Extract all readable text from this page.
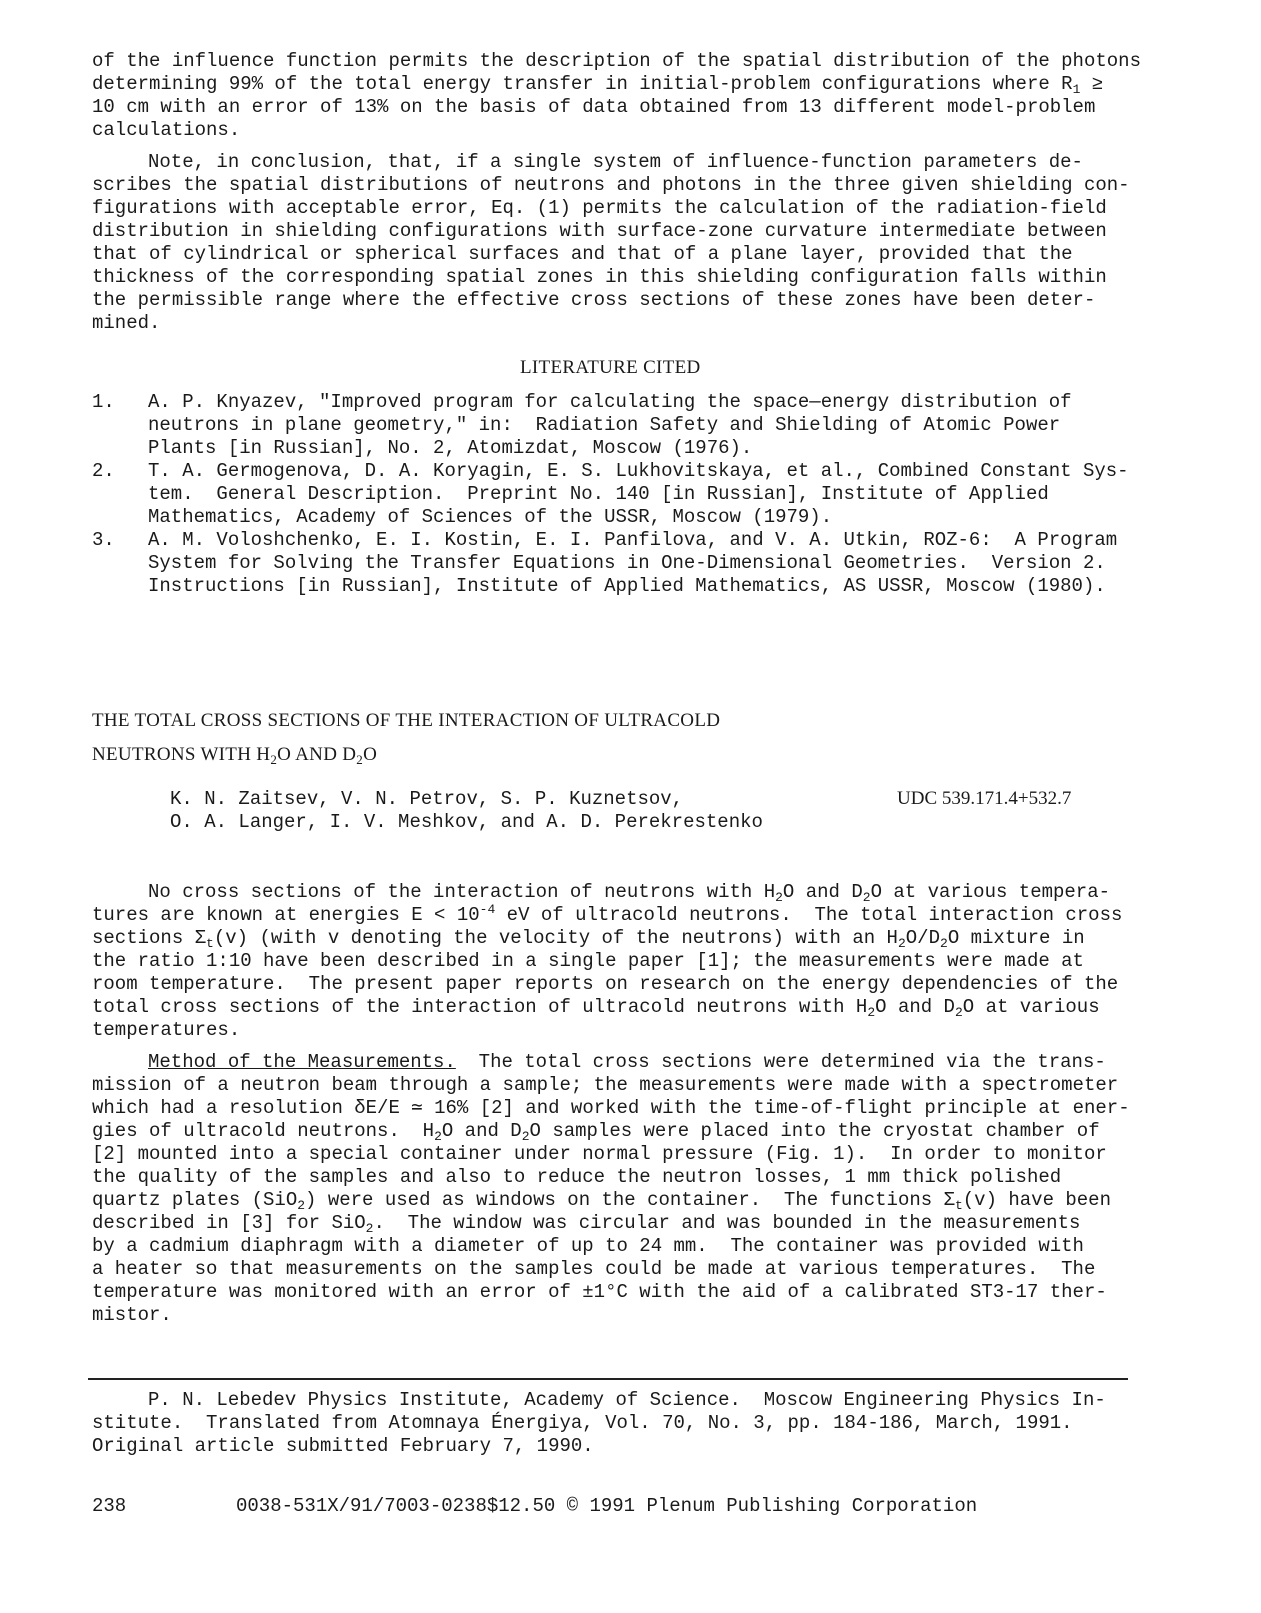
of the influence function permits the description of the spatial distribution of the photons
determining 99% of the total energy transfer in initial-problem configurations where $R_1$ ≥
10 cm with an error of 13% on the basis of data obtained from 13 different model-problem
calculations.
Note, in conclusion, that, if a single system of influence-function parameters de-
scribes the spatial distributions of neutrons and photons in the three given shielding con-
figurations with acceptable error, Eq. (1) permits the calculation of the radiation-field
distribution in shielding configurations with surface-zone curvature intermediate between
that of cylindrical or spherical surfaces and that of a plane layer, provided that the
thickness of the corresponding spatial zones in this shielding configuration falls within
the permissible range where the effective cross sections of these zones have been deter-
mined.
LITERATURE CITED
1. A. P. Knyazev, "Improved program for calculating the space—energy distribution of
neutrons in plane geometry," in:  Radiation Safety and Shielding of Atomic Power
Plants [in Russian], No. 2, Atomizdat, Moscow (1976).
2. T. A. Germogenova, D. A. Koryagin, E. S. Lukhovitskaya, et al., Combined Constant Sys-
tem.  General Description.  Preprint No. 140 [in Russian], Institute of Applied
Mathematics, Academy of Sciences of the USSR, Moscow (1979).
3. A. M. Voloshchenko, E. I. Kostin, E. I. Panfilova, and V. A. Utkin, ROZ-6:  A Program
System for Solving the Transfer Equations in One-Dimensional Geometries.  Version 2.
Instructions [in Russian], Institute of Applied Mathematics, AS USSR, Moscow (1980).
THE TOTAL CROSS SECTIONS OF THE INTERACTION OF ULTRACOLD
NEUTRONS WITH $H_2O$ AND $D_2O$
K. N. Zaitsev, V. N. Petrov, S. P. Kuznetsov,
O. A. Langer, I. V. Meshkov, and A. D. Perekrestenko
UDC 539.171.4+532.7
No cross sections of the interaction of neutrons with $H_2O$ and $D_2O$ at various tempera-
tures are known at energies $E < 10^{-4}$ eV of ultracold neutrons.  The total interaction cross
sections $\Sigma_t(v)$ (with v denoting the velocity of the neutrons) with an $H_2O/D_2O$ mixture in
the ratio 1:10 have been described in a single paper [1]; the measurements were made at
room temperature.  The present paper reports on research on the energy dependencies of the
total cross sections of the interaction of ultracold neutrons with $H_2O$ and $D_2O$ at various
temperatures.
Method of the Measurements.  The total cross sections were determined via the trans-
mission of a neutron beam through a sample; the measurements were made with a spectrometer
which had a resolution δE/E ≃ 16% [2] and worked with the time-of-flight principle at ener-
gies of ultracold neutrons.  $H_2O$ and $D_2O$ samples were placed into the cryostat chamber of
[2] mounted into a special container under normal pressure (Fig. 1).  In order to monitor
the quality of the samples and also to reduce the neutron losses, 1 mm thick polished
quartz plates (SiO$_2$) were used as windows on the container.  The functions $\Sigma_t(v)$ have been
described in [3] for SiO$_2$.  The window was circular and was bounded in the measurements
by a cadmium diaphragm with a diameter of up to 24 mm.  The container was provided with
a heater so that measurements on the samples could be made at various temperatures.  The
temperature was monitored with an error of ±1°C with the aid of a calibrated ST3-17 ther-
mistor.
P. N. Lebedev Physics Institute, Academy of Science.  Moscow Engineering Physics In-
stitute.  Translated from Atomnaya Énergiya, Vol. 70, No. 3, pp. 184-186, March, 1991.
Original article submitted February 7, 1990.
238	0038-531X/91/7003-0238$12.50 © 1991 Plenum Publishing Corporation
